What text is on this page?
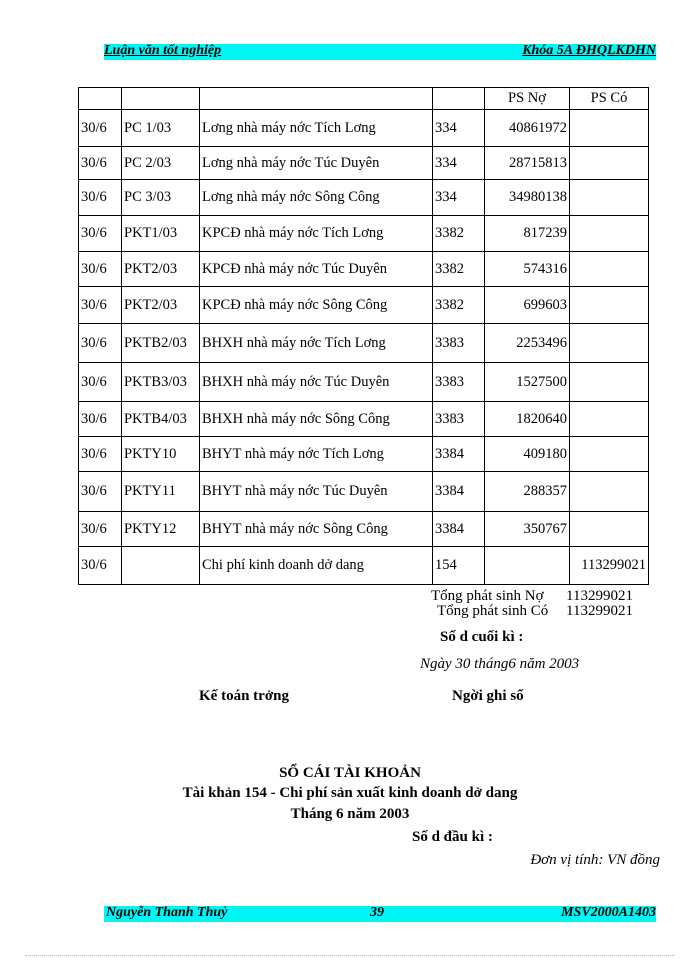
Luận văn tốt nghiệp	Khóa 5A ĐHQLKDHN
				PS Nợ	PS Có
30/6	PC 1/03	Lơng nhà máy nớc Tích Lơng	334	40861972	
30/6	PC 2/03	Lơng nhà máy nớc Túc Duyên	334	28715813	
30/6	PC 3/03	Lơng nhà máy nớc Sông Công	334	34980138	
30/6	PKT1/03	KPCĐ nhà máy nớc Tích Lơng	3382	817239	
30/6	PKT2/03	KPCĐ nhà máy nớc Túc Duyên	3382	574316	
30/6	PKT2/03	KPCĐ nhà máy nớc Sông Công	3382	699603	
30/6	PKTB2/03	BHXH nhà máy nớc Tích Lơng	3383	2253496	
30/6	PKTB3/03	BHXH nhà máy nớc Túc Duyên	3383	1527500	
30/6	PKTB4/03	BHXH nhà máy nớc Sông Công	3383	1820640	
30/6	PKTY10	BHYT nhà máy nớc Tích Lơng	3384	409180	
30/6	PKTY11	BHYT nhà máy nớc Túc Duyên	3384	288357	
30/6	PKTY12	BHYT nhà máy nớc Sông Công	3384	350767	
30/6		Chi phí kinh doanh dở dang	154		113299021
Tổng phát sinh Nợ 113299021
Tổng phát sinh Có 113299021
Số d cuối kì :
Ngày 30 tháng6 năm 2003
Kế toán trởng	Ngời ghi sổ
SỔ CÁI TÀI KHOẢN
Tài khản 154 - Chi phí sản xuất kinh doanh dở dang
Tháng 6 năm 2003
Số d đầu kì :
Đơn vị tính: VN đồng
Nguyễn Thanh Thuỷ	39	MSV2000A1403
